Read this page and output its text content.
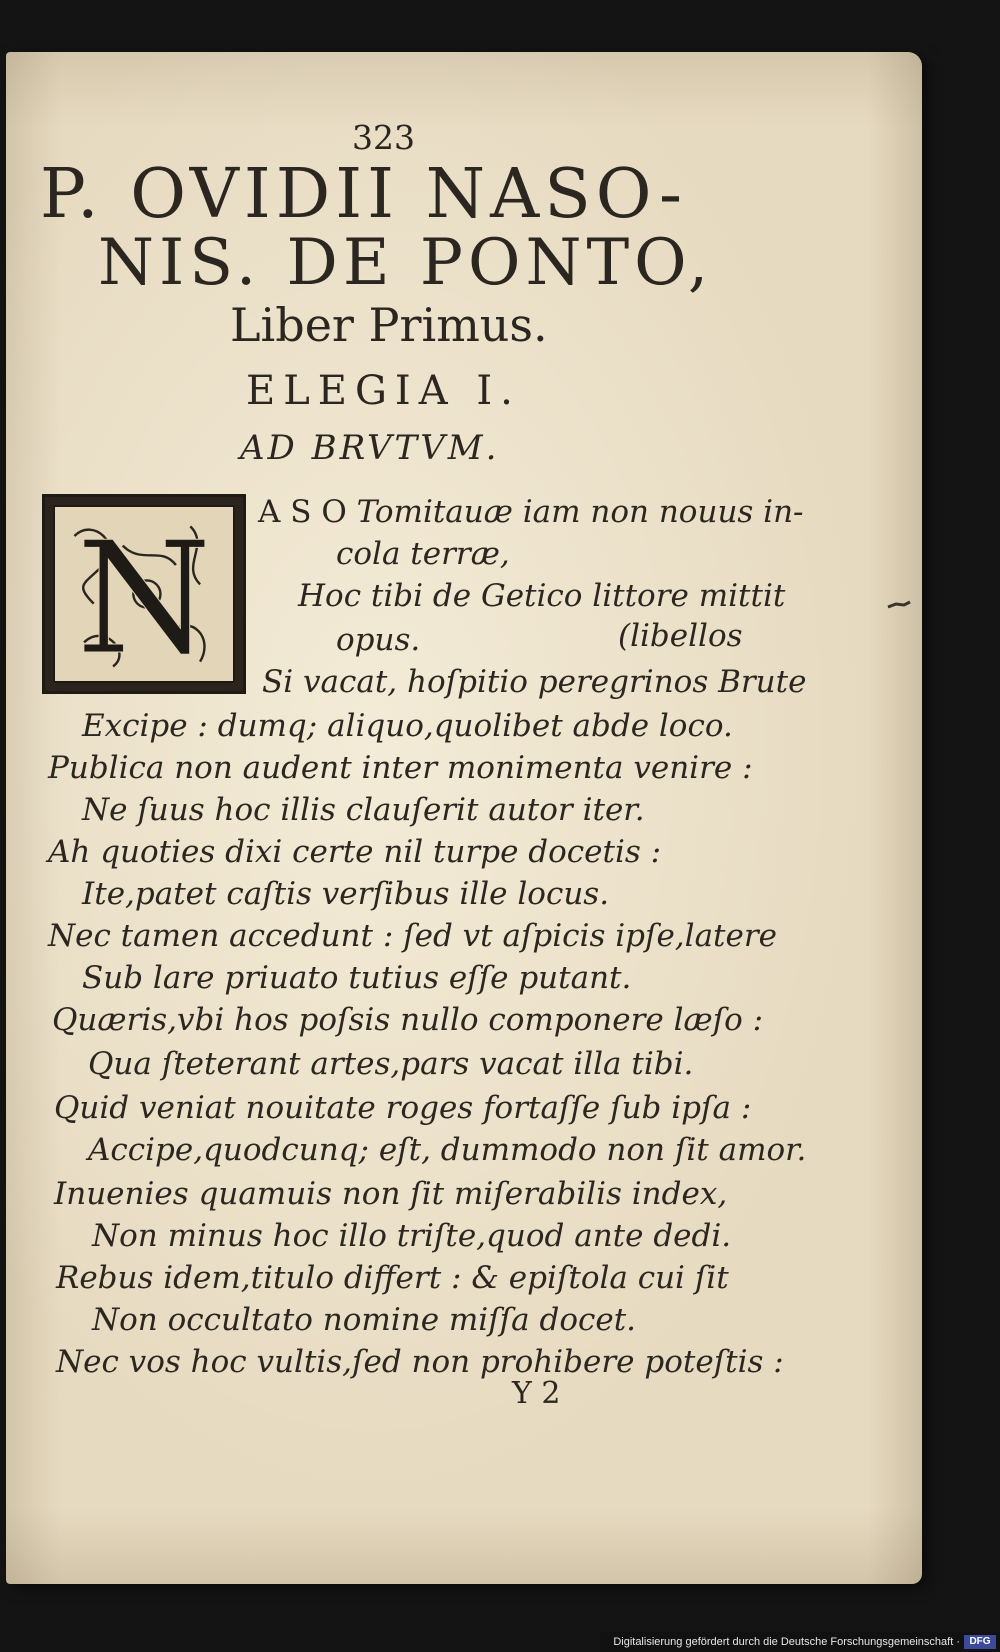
323
P. OVIDII NASO-
NIS. DE PONTO,
Liber Primus.
ELEGIA I.
AD BRVTVM.
N A S O Tomitauæ iam non nouus in-
cola terræ,
Hoc tibi de Getico littore mittit
opus.	(libellos
Si vacat, hoſpitio peregrinos Brute
Excipe : dumq; aliquo,quolibet abde loco.
Publica non audent inter monimenta venire :
Ne ſuus hoc illis clauſerit autor iter.
Ah quoties dixi certe nil turpe docetis :
Ite,patet caſtis verſibus ille locus.
Nec tamen accedunt : ſed vt aſpicis ipſe,latere
Sub lare priuato tutius eſſe putant.
Quæris,vbi hos poſsis nullo componere læſo :
Qua ſteterant artes,pars vacat illa tibi.
Quid veniat nouitate roges fortaſſe ſub ipſa :
Accipe,quodcunq; eſt, dummodo non ſit amor.
Inuenies quamuis non ſit miſerabilis index,
Non minus hoc illo triſte,quod ante dedi.
Rebus idem,titulo differt : & epiſtola cui ſit
Non occultato nomine miſſa docet.
Nec vos hoc vultis,ſed non prohibere poteſtis :
Y 2
Digitalisierung gefördert durch die Deutsche Forschungsgemeinschaft · DFG
